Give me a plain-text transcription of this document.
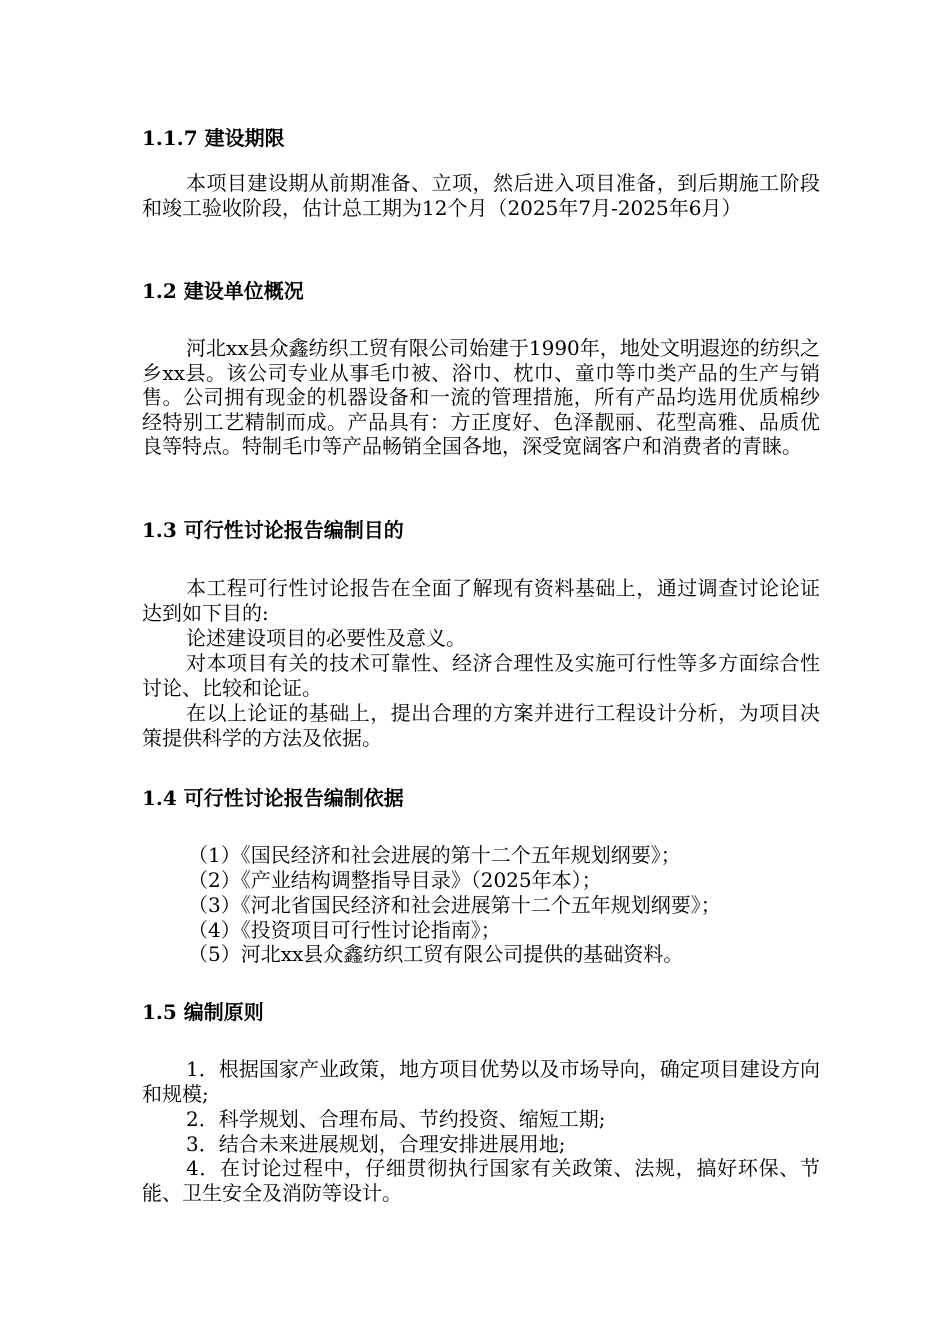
1.1.7 建设期限

本项目建设期从前期准备、立项，然后进入项目准备，到后期施工阶段和竣工验收阶段，估计总工期为12个月（2025年7月-2025年6月）

1.2 建设单位概况

河北xx县众鑫纺织工贸有限公司始建于1990年，地处文明遐迩的纺织之乡xx县。该公司专业从事毛巾被、浴巾、枕巾、童巾等巾类产品的生产与销售。公司拥有现金的机器设备和一流的管理措施，所有产品均选用优质棉纱经特别工艺精制而成。产品具有：方正度好、色泽靓丽、花型高雅、品质优良等特点。特制毛巾等产品畅销全国各地，深受宽阔客户和消费者的青睐。

1.3 可行性讨论报告编制目的

本工程可行性讨论报告在全面了解现有资料基础上，通过调查讨论论证达到如下目的:

论述建设项目的必要性及意义。

对本项目有关的技术可靠性、经济合理性及实施可行性等多方面综合性讨论、比较和论证。

在以上论证的基础上，提出合理的方案并进行工程设计分析，为项目决策提供科学的方法及依据。

1.4 可行性讨论报告编制依据
（1）《国民经济和社会进展的第十二个五年规划纲要》；
（2）《产业结构调整指导目录》（2025年本）；
（3）《河北省国民经济和社会进展第十二个五年规划纲要》；
（4）《投资项目可行性讨论指南》；
（5）河北xx县众鑫纺织工贸有限公司提供的基础资料。
1.5 编制原则

1．根据国家产业政策，地方项目优势以及市场导向，确定项目建设方向和规模;

2．科学规划、合理布局、节约投资、缩短工期;

3．结合未来进展规划，合理安排进展用地;

4．在讨论过程中，仔细贯彻执行国家有关政策、法规，搞好环保、节能、卫生安全及消防等设计。
